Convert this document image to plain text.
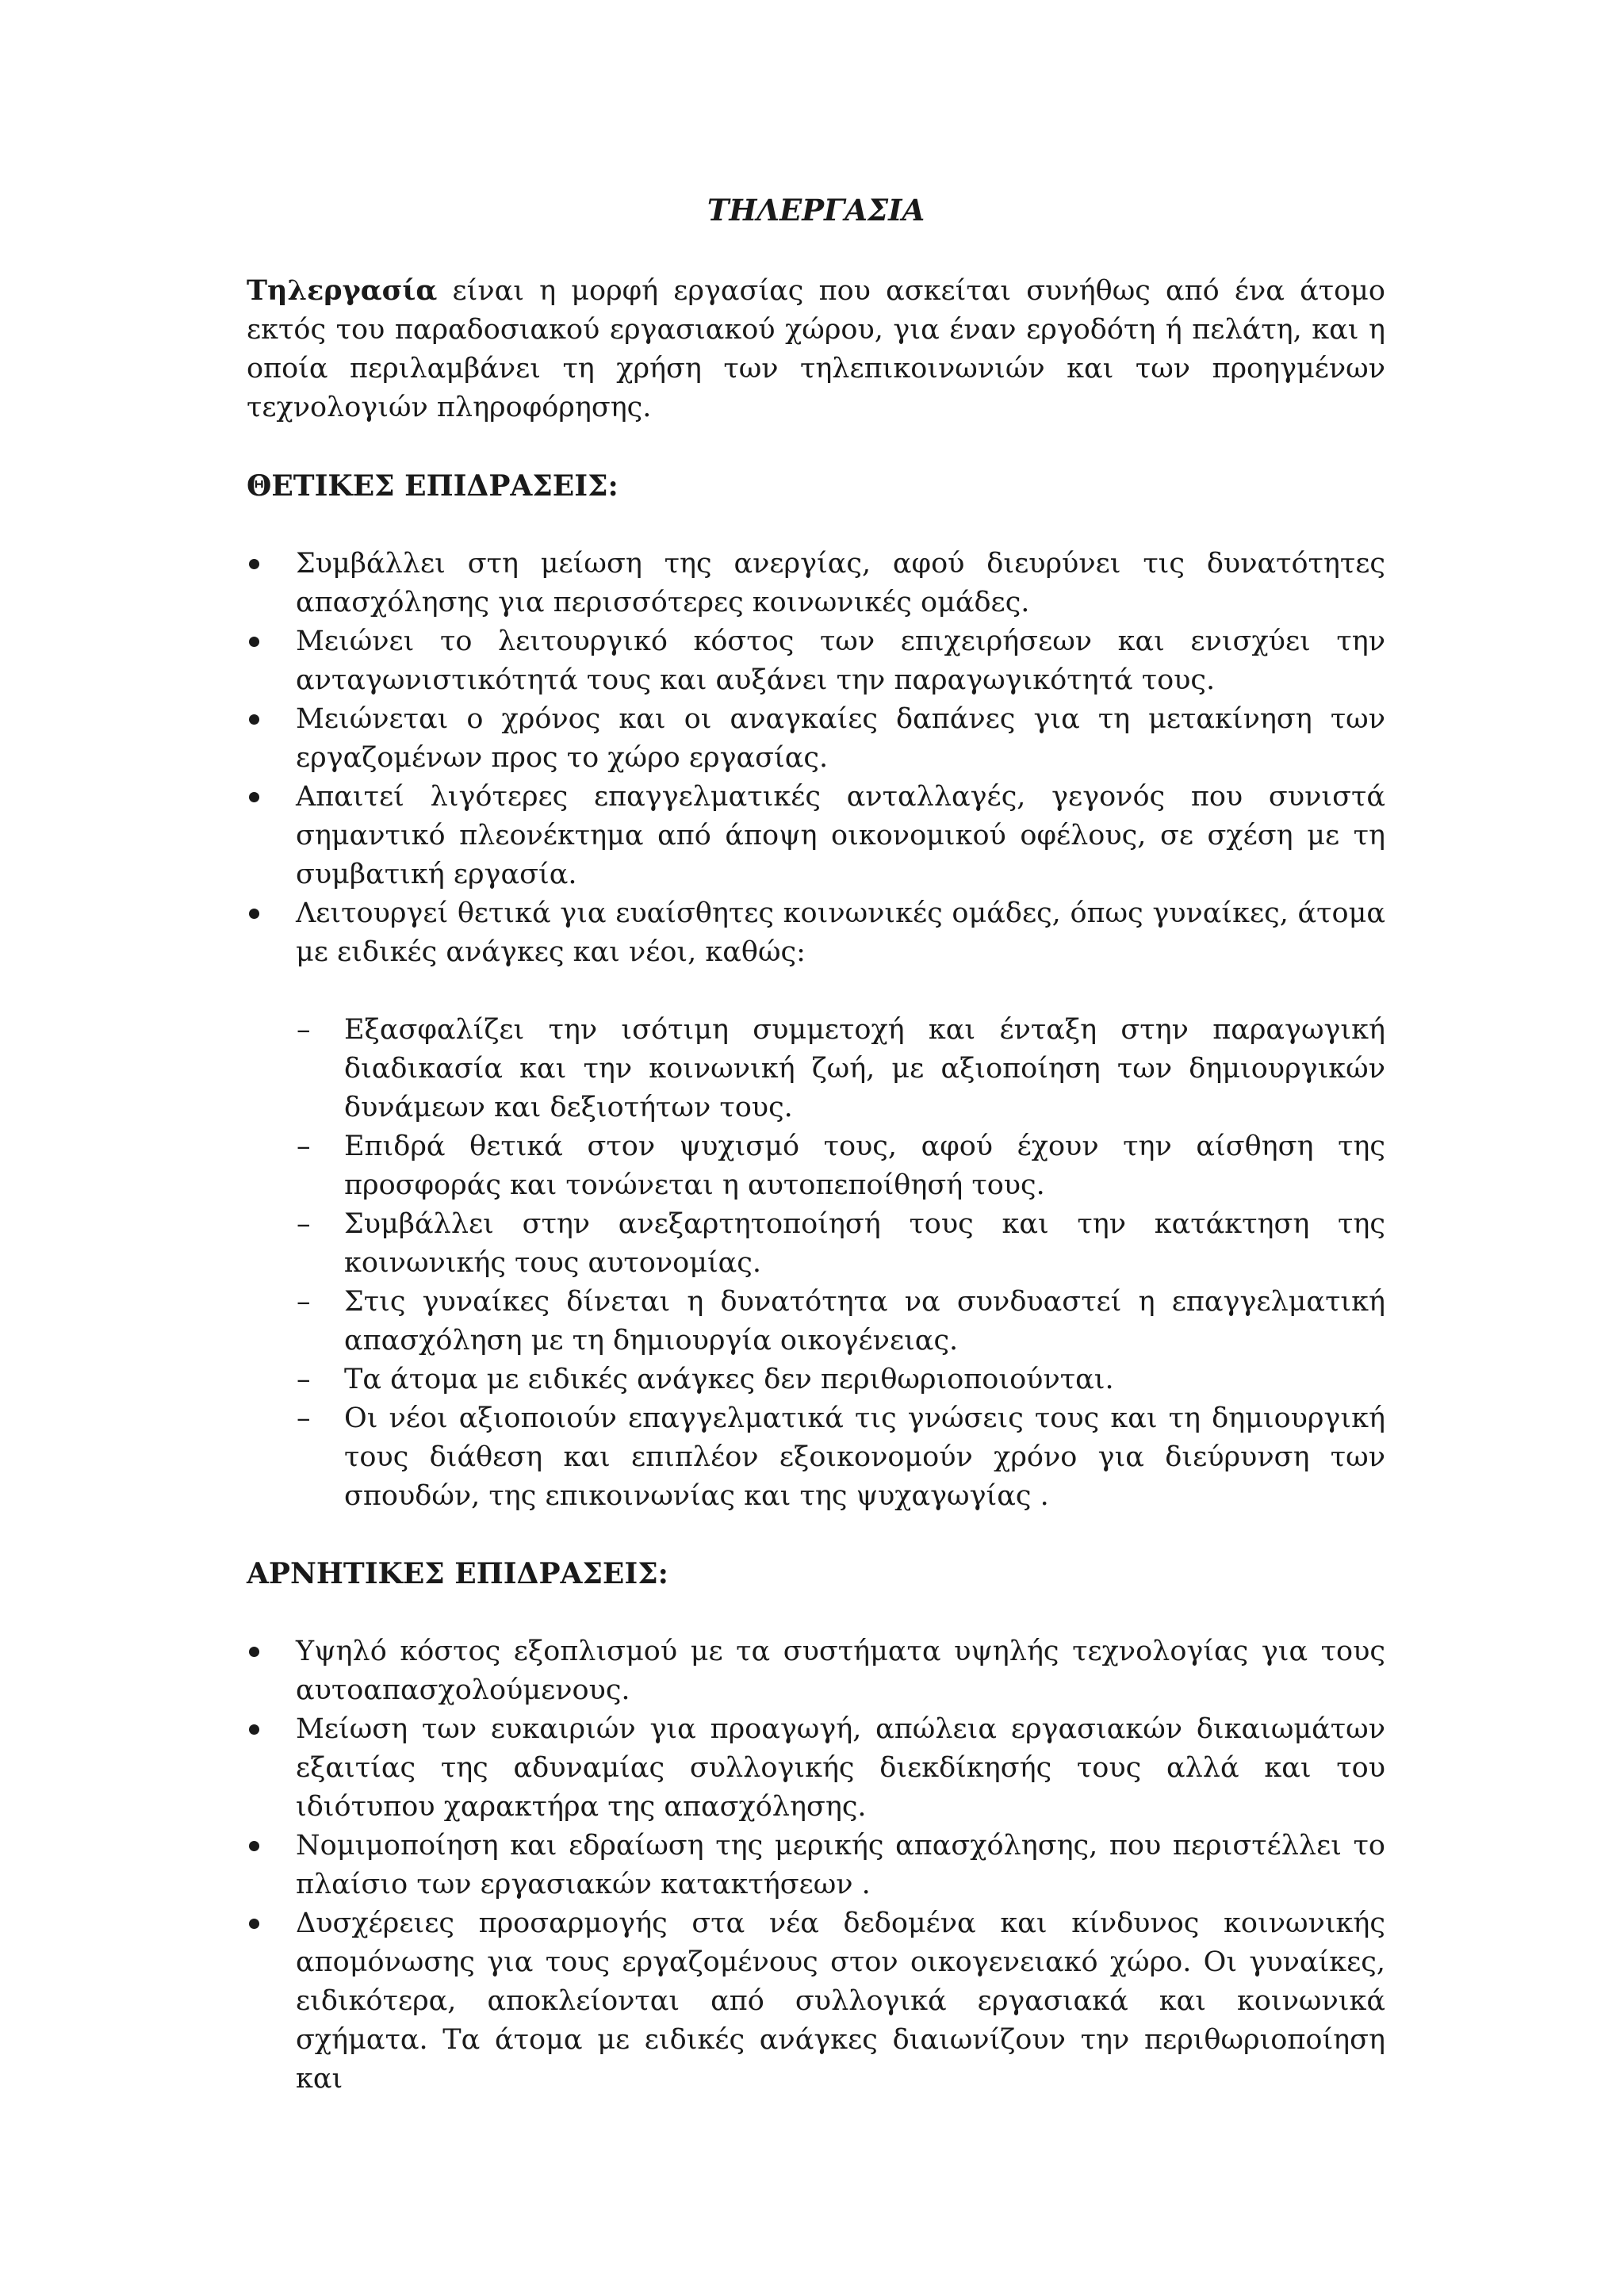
ΤΗΛΕΡΓΑΣΙΑ

Τηλεργασία είναι η μορφή εργασίας που ασκείται συνήθως από ένα άτομο εκτός του παραδοσιακού εργασιακού χώρου, για έναν εργοδότη ή πελάτη, και η οποία περιλαμβάνει τη χρήση των τηλεπικοινωνιών και των προηγμένων τεχνολογιών πληροφόρησης.

ΘΕΤΙΚΕΣ ΕΠΙΔΡΑΣΕΙΣ:
Συμβάλλει στη μείωση της ανεργίας, αφού διευρύνει τις δυνατότητες απασχόλησης για περισσότερες κοινωνικές ομάδες.
Μειώνει το λειτουργικό κόστος των επιχειρήσεων και ενισχύει την ανταγωνιστικότητά τους και αυξάνει την παραγωγικότητά τους.
Μειώνεται ο χρόνος και οι αναγκαίες δαπάνες για τη μετακίνηση των εργαζομένων προς το χώρο εργασίας.
Απαιτεί λιγότερες επαγγελματικές ανταλλαγές, γεγονός που συνιστά σημαντικό πλεονέκτημα από άποψη οικονομικού οφέλους, σε σχέση με τη συμβατική εργασία.
Λειτουργεί θετικά για ευαίσθητες κοινωνικές ομάδες, όπως γυναίκες, άτομα με ειδικές ανάγκες και νέοι, καθώς:
– Εξασφαλίζει την ισότιμη συμμετοχή και ένταξη στην παραγωγική διαδικασία και την κοινωνική ζωή, με αξιοποίηση των δημιουργικών δυνάμεων και δεξιοτήτων τους.
– Επιδρά θετικά στον ψυχισμό τους, αφού έχουν την αίσθηση της προσφοράς και τονώνεται η αυτοπεποίθησή τους.
– Συμβάλλει στην ανεξαρτητοποίησή τους και την κατάκτηση της κοινωνικής τους αυτονομίας.
– Στις γυναίκες δίνεται η δυνατότητα να συνδυαστεί η επαγγελματική απασχόληση με τη δημιουργία οικογένειας.
– Τα άτομα με ειδικές ανάγκες δεν περιθωριοποιούνται.
– Οι νέοι αξιοποιούν επαγγελματικά τις γνώσεις τους και τη δημιουργική τους διάθεση και επιπλέον εξοικονομούν χρόνο για διεύρυνση των σπουδών, της επικοινωνίας και της ψυχαγωγίας .
ΑΡΝΗΤΙΚΕΣ ΕΠΙΔΡΑΣΕΙΣ:
Υψηλό κόστος εξοπλισμού με τα συστήματα υψηλής τεχνολογίας για τους αυτοαπασχολούμενους.
Μείωση των ευκαιριών για προαγωγή, απώλεια εργασιακών δικαιωμάτων εξαιτίας της αδυναμίας συλλογικής διεκδίκησής τους αλλά και του ιδιότυπου χαρακτήρα της απασχόλησης.
Νομιμοποίηση και εδραίωση της μερικής απασχόλησης, που περιστέλλει το πλαίσιο των εργασιακών κατακτήσεων .
Δυσχέρειες προσαρμογής στα νέα δεδομένα και κίνδυνος κοινωνικής απομόνωσης για τους εργαζομένους στον οικογενειακό χώρο. Οι γυναίκες, ειδικότερα, αποκλείονται από συλλογικά εργασιακά και κοινωνικά σχήματα. Τα άτομα με ειδικές ανάγκες διαιωνίζουν την περιθωριοποίηση και
